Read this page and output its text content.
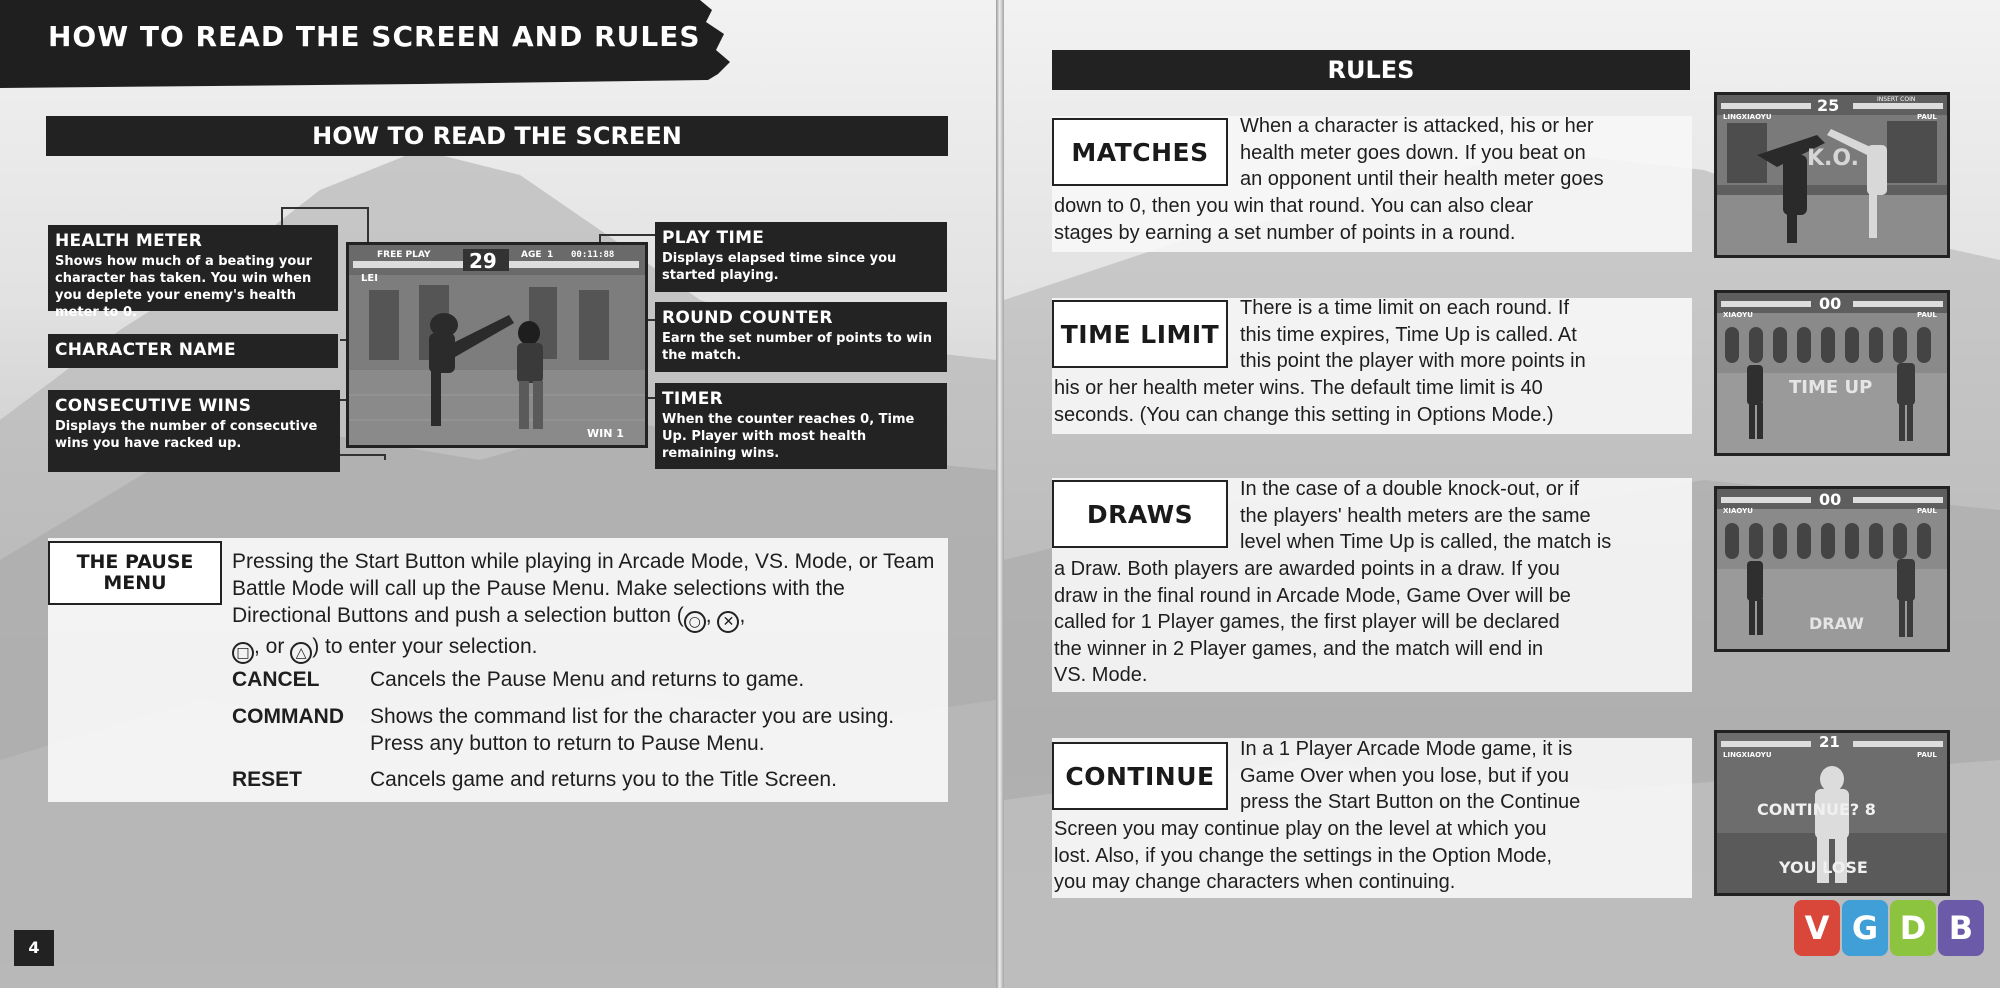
HOW TO READ THE SCREEN AND RULES
HOW TO READ THE SCREEN
HEALTH METER
Shows how much of a beating your character has taken. You win when you deplete your enemy's health meter to 0.
CHARACTER NAME
CONSECUTIVE WINS
Displays the number of consecutive wins you have racked up.
PLAY TIME
Displays elapsed time since you started playing.
ROUND COUNTER
Earn the set number of points to win the match.
TIMER
When the counter reaches 0, Time Up. Player with most health remaining wins.
FREE PLAY 29	AGE 1 00:11:88
LEI
WIN 1
THE PAUSE MENU
Pressing the Start Button while playing in Arcade Mode, VS. Mode, or Team Battle Mode will call up the Pause Menu. Make selections with the Directional Buttons and push a selection button ( ○ , ✕ ,
□ , or △ ) to enter your selection.
CANCEL Cancels the Pause Menu and returns to game.
COMMAND Shows the command list for the character you are using. Press any button to return to Pause Menu.
RESET	Cancels game and returns you to the Title Screen.
4
RULES
MATCHES
When a character is attacked, his or her
health meter goes down. If you beat on
an opponent until their health meter goes
down to 0, then you win that round. You can also clear
stages by earning a set number of points in a round.
TIME LIMIT
There is a time limit on each round. If
this time expires, Time Up is called. At
this point the player with more points in
his or her health meter wins. The default time limit is 40
seconds. (You can change this setting in Options Mode.)
DRAWS
In the case of a double knock-out, or if
the players' health meters are the same
level when Time Up is called, the match is
a Draw. Both players are awarded points in a draw. If you
draw in the final round in Arcade Mode, Game Over will be
called for 1 Player games, the first player will be declared
the winner in 2 Player games, and the match will end in
VS. Mode.
CONTINUE
In a 1 Player Arcade Mode game, it is
Game Over when you lose, but if you
press the Start Button on the Continue
Screen you may continue play on the level at which you
lost. Also, if you change the settings in the Option Mode,
you may change characters when continuing.
25	INSERT COIN
LINGXIAOYU	PAUL
K.O.
00
XIAOYU	PAUL
TIME UP
00
XIAOYU	PAUL
DRAW
21
LINGXIAOYU	PAUL
CONTINUE? 8
YOU LOSE
V G D B
